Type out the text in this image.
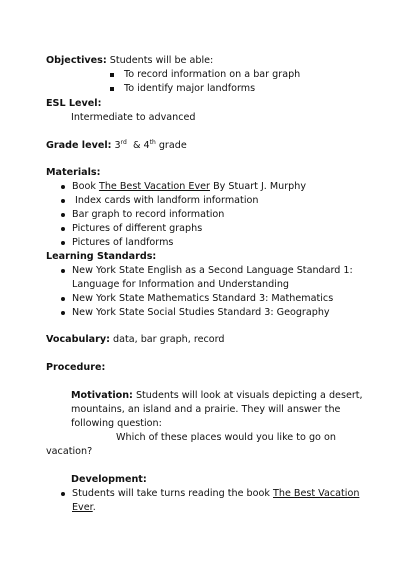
Objectives: Students will be able:
To record information on a bar graph
To identify major landforms
ESL Level:
Intermediate to advanced
Grade level: 3rd & 4th grade
Materials:
Book The Best Vacation Ever By Stuart J. Murphy
Index cards with landform information
Bar graph to record information
Pictures of different graphs
Pictures of landforms
Learning Standards:
New York State English as a Second Language Standard 1:
Language for Information and Understanding
New York State Mathematics Standard 3: Mathematics
New York State Social Studies Standard 3: Geography
Vocabulary: data, bar graph, record
Procedure:
Motivation: Students will look at visuals depicting a desert,
mountains, an island and a prairie. They will answer the
following question:
Which of these places would you like to go on
vacation?
Development:
Students will take turns reading the book The Best Vacation
Ever.
